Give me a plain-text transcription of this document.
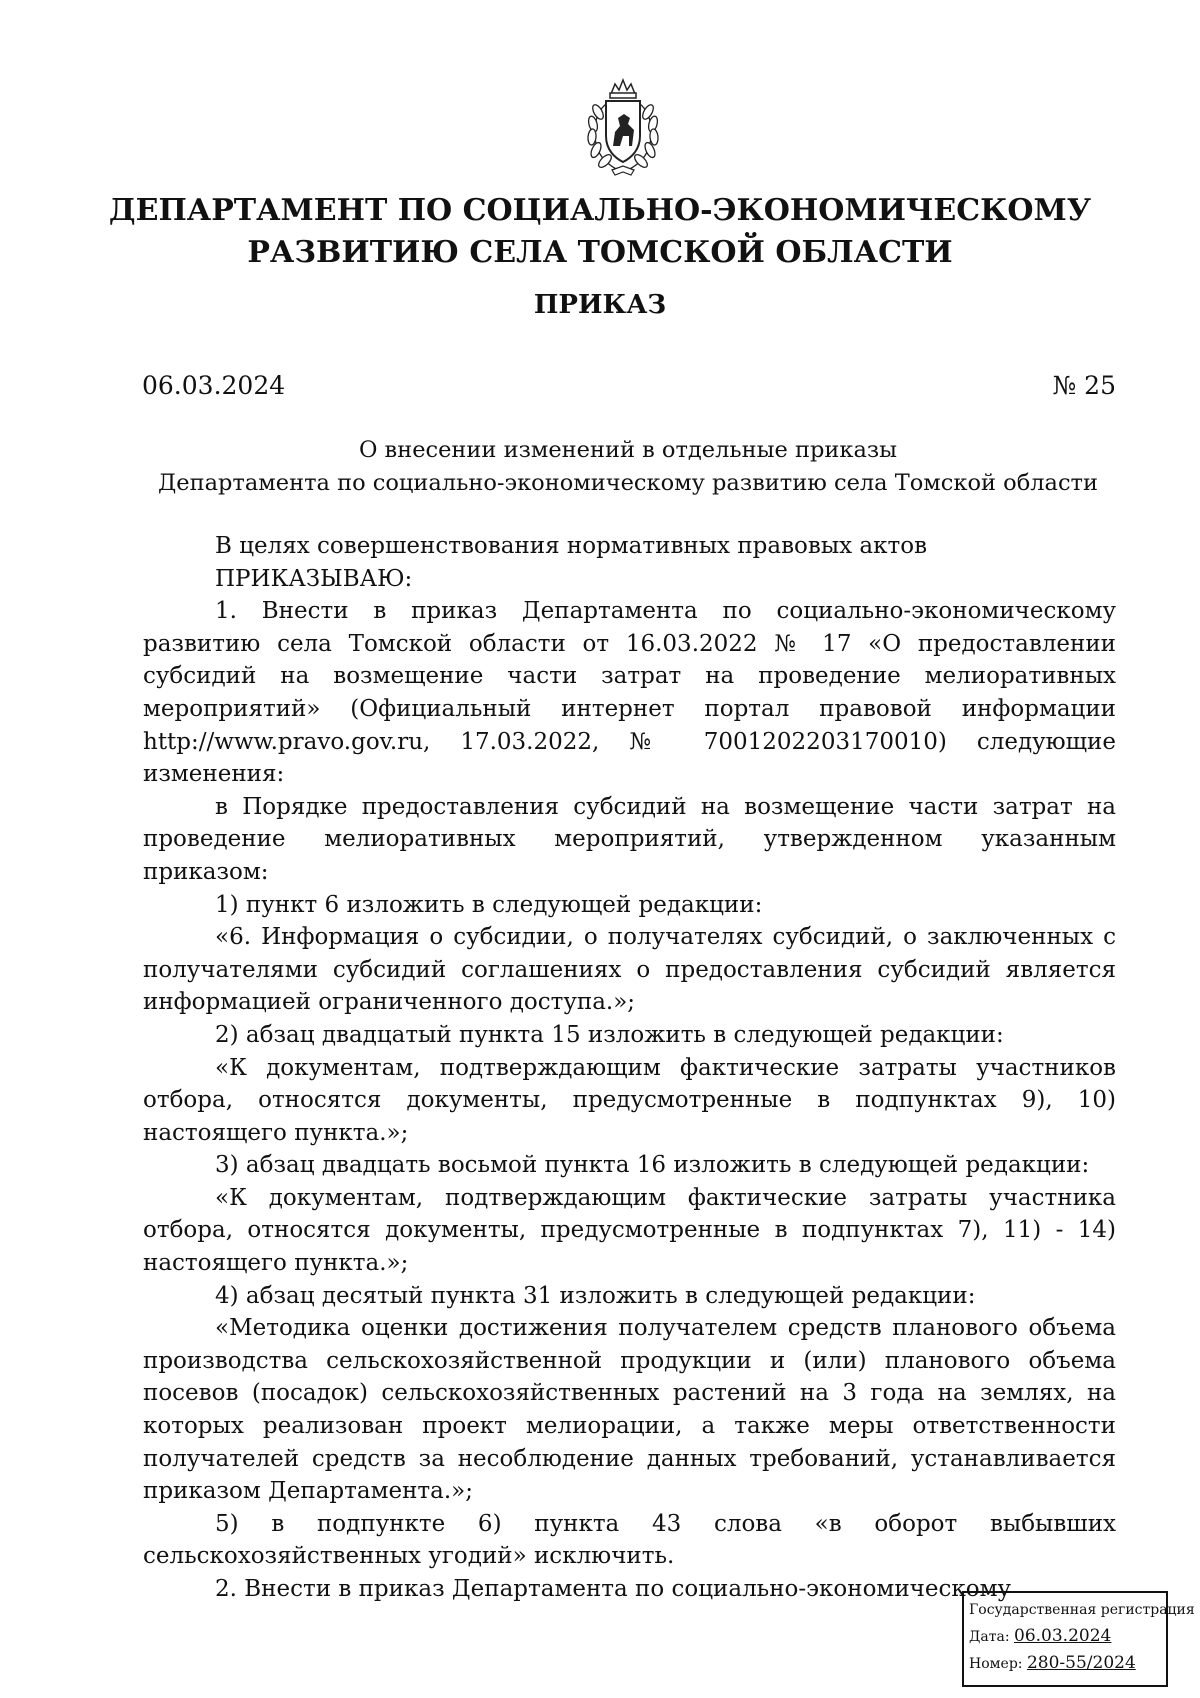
ДЕПАРТАМЕНТ ПО СОЦИАЛЬНО-ЭКОНОМИЧЕСКОМУ
РАЗВИТИЮ СЕЛА ТОМСКОЙ ОБЛАСТИ
ПРИКАЗ
06.03.2024	№ 25
О внесении изменений в отдельные приказы
Департамента по социально-экономическому развитию села Томской области

В целях совершенствования нормативных правовых актов

ПРИКАЗЫВАЮ:

1. Внести в приказ Департамента по социально-экономическому развитию села Томской области от 16.03.2022 № 17 «О предоставлении субсидий на возмещение части затрат на проведение мелиоративных мероприятий» (Официальный интернет портал правовой информации http://www.pravo.gov.ru, 17.03.2022, № 7001202203170010) следующие изменения:

в Порядке предоставления субсидий на возмещение части затрат на проведение мелиоративных мероприятий, утвержденном указанным приказом:

1) пункт 6 изложить в следующей редакции:

«6. Информация о субсидии, о получателях субсидий, о заключенных с получателями субсидий соглашениях о предоставления субсидий является информацией ограниченного доступа.»;

2) абзац двадцатый пункта 15 изложить в следующей редакции:

«К документам, подтверждающим фактические затраты участников отбора, относятся документы, предусмотренные в подпунктах 9), 10) настоящего пункта.»;

3) абзац двадцать восьмой пункта 16 изложить в следующей редакции:

«К документам, подтверждающим фактические затраты участника отбора, относятся документы, предусмотренные в подпунктах 7), 11) - 14) настоящего пункта.»;

4) абзац десятый пункта 31 изложить в следующей редакции:

«Методика оценки достижения получателем средств планового объема производства сельскохозяйственной продукции и (или) планового объема посевов (посадок) сельскохозяйственных растений на 3 года на землях, на которых реализован проект мелиорации, а также меры ответственности получателей средств за несоблюдение данных требований, устанавливается приказом Департамента.»;

5) в подпункте 6) пункта 43 слова «в оборот выбывших сельскохозяйственных угодий» исключить.

2. Внести в приказ Департамента по социально-экономическому

Государственная регистрация
Дата: 06.03.2024
Номер: 280-55/2024
